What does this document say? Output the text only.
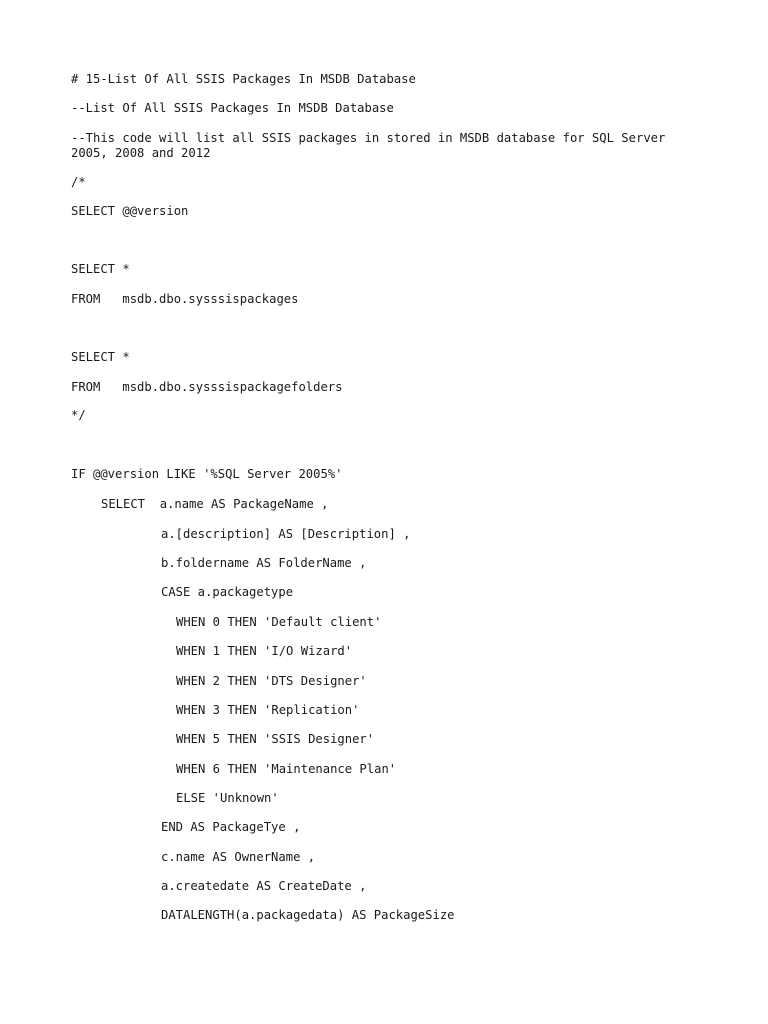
# 15-List Of All SSIS Packages In MSDB Database

--List Of All SSIS Packages In MSDB Database

--This code will list all SSIS packages in stored in MSDB database for SQL Server 2005, 2008 and 2012

/*

SELECT @@version

SELECT *

FROM   msdb.dbo.sysssispackages

SELECT *

FROM   msdb.dbo.sysssispackagefolders

*/

IF @@version LIKE '%SQL Server 2005%'

SELECT  a.name AS PackageName ,

a.[description] AS [Description] ,

b.foldername AS FolderName ,

CASE a.packagetype

WHEN 0 THEN 'Default client'

WHEN 1 THEN 'I/O Wizard'

WHEN 2 THEN 'DTS Designer'

WHEN 3 THEN 'Replication'

WHEN 5 THEN 'SSIS Designer'

WHEN 6 THEN 'Maintenance Plan'

ELSE 'Unknown'

END AS PackageTye ,

c.name AS OwnerName ,

a.createdate AS CreateDate ,

DATALENGTH(a.packagedata) AS PackageSize
